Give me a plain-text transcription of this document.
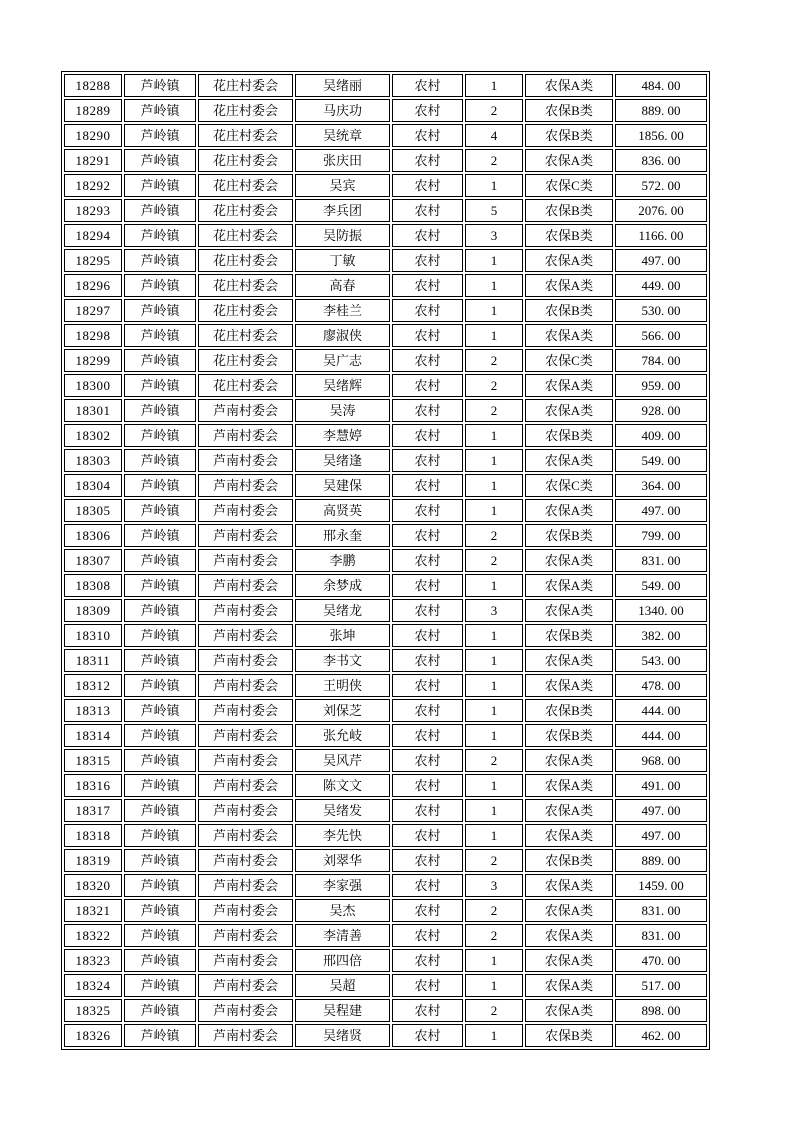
18288	芦岭镇	花庄村委会	吴绪丽	农村	1	农保A类	484. 00
18289	芦岭镇	花庄村委会	马庆功	农村	2	农保B类	889. 00
18290	芦岭镇	花庄村委会	吴统章	农村	4	农保B类	1856. 00
18291	芦岭镇	花庄村委会	张庆田	农村	2	农保A类	836. 00
18292	芦岭镇	花庄村委会	吴宾	农村	1	农保C类	572. 00
18293	芦岭镇	花庄村委会	李兵团	农村	5	农保B类	2076. 00
18294	芦岭镇	花庄村委会	吴防振	农村	3	农保B类	1166. 00
18295	芦岭镇	花庄村委会	丁敏	农村	1	农保A类	497. 00
18296	芦岭镇	花庄村委会	高春	农村	1	农保A类	449. 00
18297	芦岭镇	花庄村委会	李桂兰	农村	1	农保B类	530. 00
18298	芦岭镇	花庄村委会	廖淑侠	农村	1	农保A类	566. 00
18299	芦岭镇	花庄村委会	吴广志	农村	2	农保C类	784. 00
18300	芦岭镇	花庄村委会	吴绪辉	农村	2	农保A类	959. 00
18301	芦岭镇	芦南村委会	吴涛	农村	2	农保A类	928. 00
18302	芦岭镇	芦南村委会	李慧婷	农村	1	农保B类	409. 00
18303	芦岭镇	芦南村委会	吴绪逢	农村	1	农保A类	549. 00
18304	芦岭镇	芦南村委会	吴建保	农村	1	农保C类	364. 00
18305	芦岭镇	芦南村委会	高贤英	农村	1	农保A类	497. 00
18306	芦岭镇	芦南村委会	邢永奎	农村	2	农保B类	799. 00
18307	芦岭镇	芦南村委会	李鹏	农村	2	农保A类	831. 00
18308	芦岭镇	芦南村委会	余梦成	农村	1	农保A类	549. 00
18309	芦岭镇	芦南村委会	吴绪龙	农村	3	农保A类	1340. 00
18310	芦岭镇	芦南村委会	张坤	农村	1	农保B类	382. 00
18311	芦岭镇	芦南村委会	李书文	农村	1	农保A类	543. 00
18312	芦岭镇	芦南村委会	王明侠	农村	1	农保A类	478. 00
18313	芦岭镇	芦南村委会	刘保芝	农村	1	农保B类	444. 00
18314	芦岭镇	芦南村委会	张允岐	农村	1	农保B类	444. 00
18315	芦岭镇	芦南村委会	吴风芹	农村	2	农保A类	968. 00
18316	芦岭镇	芦南村委会	陈文文	农村	1	农保A类	491. 00
18317	芦岭镇	芦南村委会	吴绪发	农村	1	农保A类	497. 00
18318	芦岭镇	芦南村委会	李先快	农村	1	农保A类	497. 00
18319	芦岭镇	芦南村委会	刘翠华	农村	2	农保B类	889. 00
18320	芦岭镇	芦南村委会	李家强	农村	3	农保A类	1459. 00
18321	芦岭镇	芦南村委会	吴杰	农村	2	农保A类	831. 00
18322	芦岭镇	芦南村委会	李清善	农村	2	农保A类	831. 00
18323	芦岭镇	芦南村委会	邢四倍	农村	1	农保A类	470. 00
18324	芦岭镇	芦南村委会	吴超	农村	1	农保A类	517. 00
18325	芦岭镇	芦南村委会	吴程建	农村	2	农保A类	898. 00
18326	芦岭镇	芦南村委会	吴绪贤	农村	1	农保B类	462. 00
